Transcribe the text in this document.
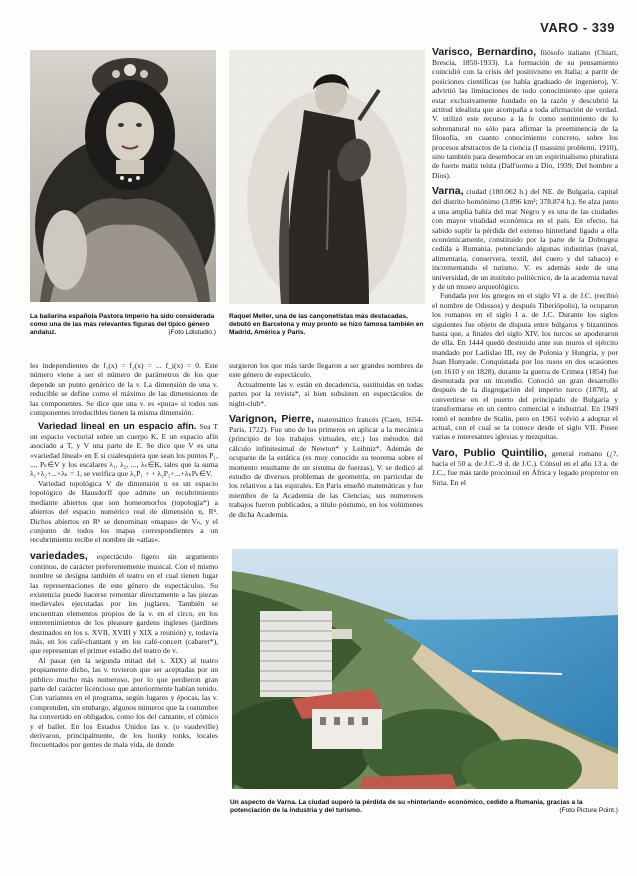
VARO - 339
La bailarina española Pastora Imperio ha sido considerada como una de las más relevantes figuras del típico género andaluz.	(Foto Ldistudio.)
Raquel Meller, una de las cançonetistas más destacadas, debutó en Barcelona y muy pronto se hizo famosa también en Madrid, América y París.

les independientes de f₁(x) = f₂(x) = ... f_i(x) = 0. Este número viene a ser el número de parámetros de los que depende un punto genérico de la v. La dimensión de una v. reducible se define como el máximo de las dimensiones de las componentes. Se dice que una v. es «pura» si todos sus componentes irreducibles tienen la misma dimensión.

Variedad lineal en un espacio afín. Sea T un espacio vectorial sobre un cuerpo K, E un espacio afín asociado a T, y V una parte de E. Se dice que V es una «variedad lineal» en E si cualesquiera que sean los puntos P₁, ..., Pₖ∈V y los escalares λ₁, λ₂, ..., λₖ∈K, tales que la suma λ₁+λ₂+...+λₖ = 1, se verifica que λ₁P₁ + + λ₂P₂+...+λₖPₖ∈V.

Variedad topológica V de dimensión n es un espacio topológico de Hausdorff que admite un recubrimiento mediante abiertos que son homeomorfos (topología*) a abiertos del espacio numérico real de dimensión n, Rⁿ. Dichos abiertos en Rⁿ se denominan «mapas» de Vₙ, y el conjunto de todos los mapas correspondientes a un recubrimiento recibe el nombre de «atlas».

variedades, espectáculo ligero sin argumento continuo, de carácter preferentemente musical. Con el mismo nombre se designa también el teatro en el cual tienen lugar las representaciones de este género de espectáculos. Su existencia puede hacerse remontar directamente a las piezas medievales ejecutadas por los juglares. También se encuentran elementos propios de la v. en el circo, en los entretenimientos de los pleasure gardens ingleses (jardines destinados en los s. XVII, XVIII y XIX a reunión) y, todavía más, en los café-chantant y en los café-concert (cabaret*), que representan el primer estadio del teatro de v.

Al pasar (en la segunda mitad del s. XIX) al teatro propiamente dicho, las v. tuvieron que ser aceptadas por un público mucho más numeroso, por lo que perdieron gran parte del carácter licencioso que anteriormente habían tenido. Con variantes en el programa, según lugares y épocas, las v. comprenden, sin embargo, algunos números que la costumbre ha convertido en obligados, como los del cantante, el cómico y el ballet. En los Estados Unidos las v. (o vaudeville) derivaron, principalmente, de los honky tonks, locales frecuentados por gentes de mala vida, de donde

surgieron los que más tarde llegaron a ser grandes nombres de este género de espectáculo.

Actualmente las v. están en decadencia, sustituidas en todas partes por la revista*, si bien subsisten en espectáculos de night-club*.

Varignon, Pierre, matemático francés (Caen, 1654-París, 1722). Fue uno de los primeros en aplicar a la mecánica (principio de los trabajos virtuales, etc.) los métodos del cálculo infinitesimal de Newton* y Leibniz*. Además de ocuparse de la estática (es muy conocido su teorema sobre el momento resultante de un sistema de fuerzas), V. se dedicó al estudio de diversos problemas de geometría, en particular de los relativos a las espirales. En París enseñó matemáticas y fue miembro de la Academia de las Ciencias; sus numerosos trabajos fueron publicados, a título póstumo, en los volúmenes de dicha Academia.

Varisco, Bernardino, filósofo italiano (Chiari, Brescia, 1850-1933). La formación de su pensamiento coincidió con la crisis del positivismo en Italia; a partir de posiciones científicas (se había graduado de ingeniero), V. advirtió las limitaciones de todo conocimiento que quiera estar exclusivamente fundado en la razón y descubrió la actitud idealista que acompaña a toda afirmación de verdad. V. utilizó este recurso a la fe como sentimiento de lo sobrenatural no sólo para afirmar la preeminencia de la filosofía, en cuanto conocimiento concreto, sobre los procesos abstractos de la ciencia (I massimi problemi, 1910), sino también para desembocar en un espiritualismo pluralista de fuerte matiz teísta (Dall'uomo a Dio, 1939; Del hombre a Dios).

Varna, ciudad (180.062 h.) del NE. de Bulgaria, capital del distrito homónimo (3.896 km²; 378.874 h.). Se alza junto a una amplia bahía del mar Negro y es una de las ciudades con mayor vitalidad económica en el país. En efecto, ha sabido suplir la pérdida del extenso hinterland ligado a ella económicamente, constituido por la parte de la Dobrugea cedida a Rumania, potenciando algunas industrias (naval, alimentaria, conservera, textil, del cuero y del tabaco) e incrementando el turismo. V. es además sede de una universidad, de un instituto politécnico, de la academia naval y de un museo arqueológico.

Fundada por los griegos en el siglo VI a. de J.C. (recibió el nombre de Odessos) y después Tiberiópolis), la ocuparon los romanos en el siglo I a. de J.C. Durante los siglos siguientes fue objeto de disputa entre búlgaros y bizantinos hasta que, a finales del siglo XIV, los turcos se apoderaron de ella. En 1444 quedó destruido ante sus muros el ejército mandado por Ladislao III, rey de Polonia y Hungría, y por Juan Hunyade. Conquistada por los rusos en dos ocasiones (en 1610 y en 1828), durante la guerra de Crimea (1854) fue desmurada por un incendio. Conoció un gran desarrollo después de la disgregación del imperio turco (1878), al convertirse en el puerto del principado de Bulgaria y transformarse en un centro comercial e industrial. En 1949 tomó el nombre de Stalin, pero en 1961 volvió a adoptar el actual, con el cual se la conoce desde el siglo VII. Posee varias e interesantes iglesias y mezquitas.

Varo, Publio Quintilio, general romano (¿?, hacia el 50 a. de J.C.-9 d. de J.C.). Cónsul en el año 13 a. de J.C., fue más tarde procónsul en África y legado propretor en Siria. En el

Un aspecto de Varna. La ciudad superó la pérdida de su «hinterland» económico, cedido a Rumania, gracias a la potenciación de la industria y del turismo.	(Foto Picture Point.)
